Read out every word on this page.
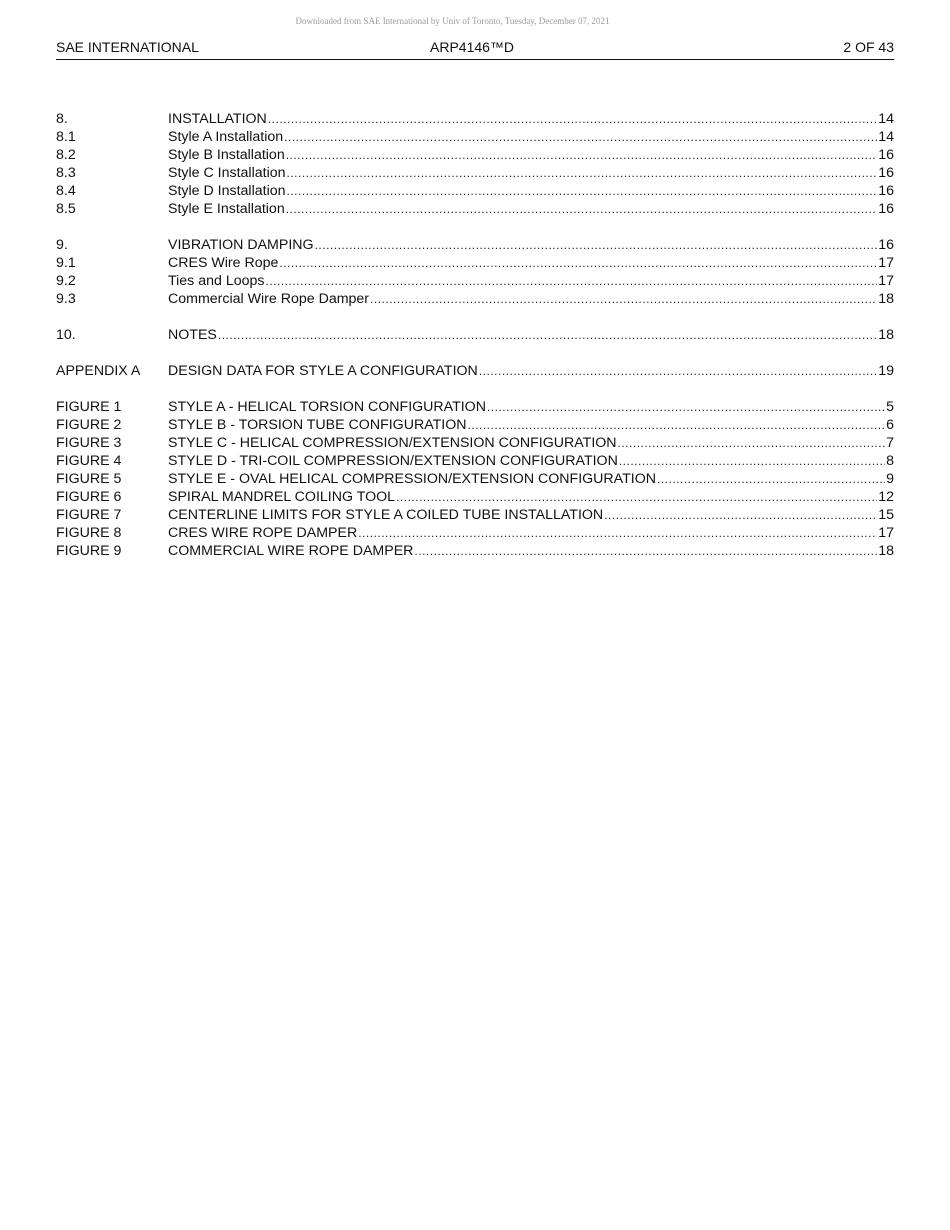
Downloaded from SAE International by Univ of Toronto, Tuesday, December 07, 2021
SAE INTERNATIONAL	ARP4146™D	2 OF 43
8.	INSTALLATION .....	14
8.1	Style A Installation .....	14
8.2	Style B Installation .....	16
8.3	Style C Installation .....	16
8.4	Style D Installation .....	16
8.5	Style E Installation .....	16
9.	VIBRATION DAMPING .....	16
9.1	CRES Wire Rope .....	17
9.2	Ties and Loops .....	17
9.3	Commercial Wire Rope Damper .....	18
10.	NOTES .....	18
APPENDIX A	DESIGN DATA FOR STYLE A CONFIGURATION .....	19
FIGURE 1	STYLE A - HELICAL TORSION CONFIGURATION .....	5
FIGURE 2	STYLE B - TORSION TUBE CONFIGURATION .....	6
FIGURE 3	STYLE C - HELICAL COMPRESSION/EXTENSION CONFIGURATION .....	7
FIGURE 4	STYLE D - TRI-COIL COMPRESSION/EXTENSION CONFIGURATION .....	8
FIGURE 5	STYLE E - OVAL HELICAL COMPRESSION/EXTENSION CONFIGURATION .....	9
FIGURE 6	SPIRAL MANDREL COILING TOOL .....	12
FIGURE 7	CENTERLINE LIMITS FOR STYLE A COILED TUBE INSTALLATION .....	15
FIGURE 8	CRES WIRE ROPE DAMPER .....	17
FIGURE 9	COMMERCIAL WIRE ROPE DAMPER .....	18
